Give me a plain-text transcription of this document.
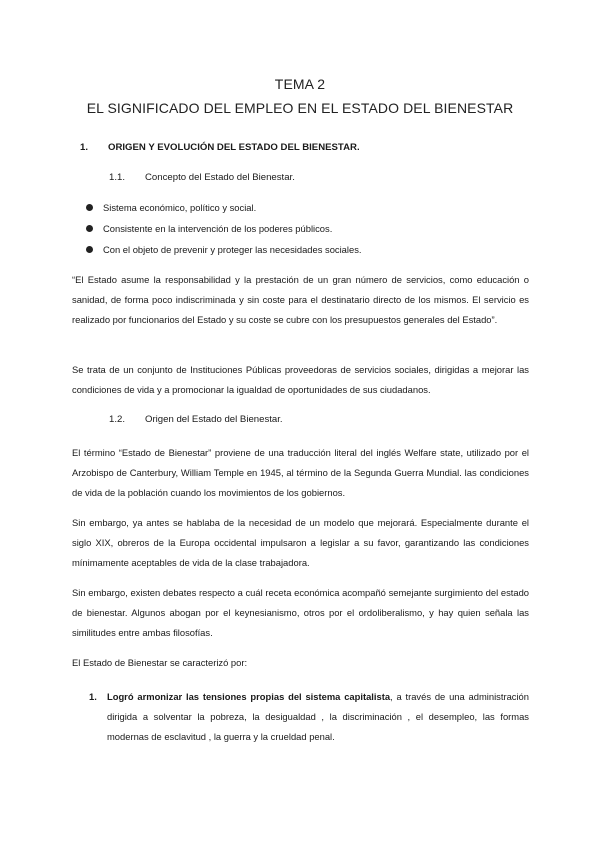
TEMA 2
EL SIGNIFICADO DEL EMPLEO EN EL ESTADO DEL BIENESTAR
1. ORIGEN Y EVOLUCIÓN DEL ESTADO DEL BIENESTAR.
1.1. Concepto del Estado del Bienestar.
Sistema económico, político y social.
Consistente en la intervención de los poderes públicos.
Con el objeto de prevenir y proteger las necesidades sociales.

“El Estado asume la responsabilidad y la prestación de un gran número de servicios, como educación o sanidad, de forma poco indiscriminada y sin coste para el destinatario directo de los mismos. El servicio es realizado por funcionarios del Estado y su coste se cubre con los presupuestos generales del Estado”.

Se trata de un conjunto de Instituciones Públicas proveedoras de servicios sociales, dirigidas a mejorar las condiciones de vida y a promocionar la igualdad de oportunidades de sus ciudadanos.

1.2. Origen del Estado del Bienestar.

El término “Estado de Bienestar” proviene de una traducción literal del inglés Welfare state, utilizado por el Arzobispo de Canterbury, William Temple en 1945, al término de la Segunda Guerra Mundial. las condiciones de vida de la población cuando los movimientos de los gobiernos.

Sin embargo, ya antes se hablaba de la necesidad de un modelo que mejorará. Especialmente durante el siglo XIX, obreros de la Europa occidental impulsaron a legislar a su favor, garantizando las condiciones mínimamente aceptables de vida de la clase trabajadora.

Sin embargo, existen debates respecto a cuál receta económica acompañó semejante surgimiento del estado de bienestar. Algunos abogan por el keynesianismo, otros por el ordoliberalismo, y hay quien señala las similitudes entre ambas filosofías.

El Estado de Bienestar se caracterizó por:

1. Logró armonizar las tensiones propias del sistema capitalista, a través de una administración dirigida a solventar la pobreza, la desigualdad , la discriminación , el desempleo, las formas modernas de esclavitud , la guerra y la crueldad penal.
